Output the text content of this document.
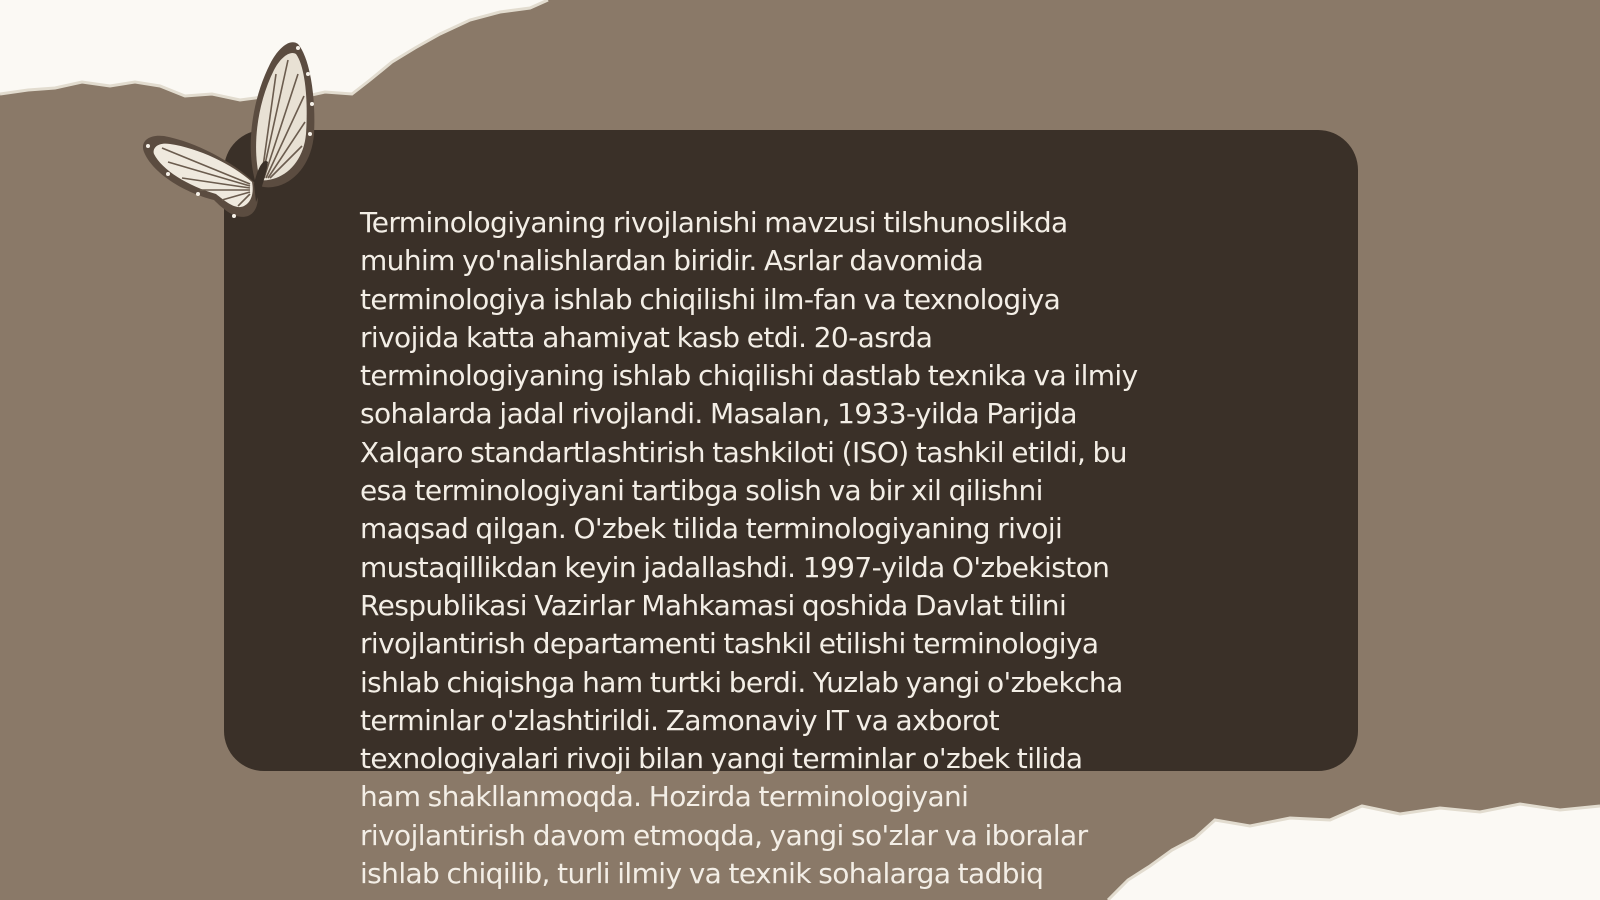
Terminologiyaning rivojlanishi mavzusi tilshunoslikda
muhim yo'nalishlardan biridir. Asrlar davomida
terminologiya ishlab chiqilishi ilm-fan va texnologiya
rivojida katta ahamiyat kasb etdi. 20-asrda
terminologiyaning ishlab chiqilishi dastlab texnika va ilmiy
sohalarda jadal rivojlandi. Masalan, 1933-yilda Parijda
Xalqaro standartlashtirish tashkiloti (ISO) tashkil etildi, bu
esa terminologiyani tartibga solish va bir xil qilishni
maqsad qilgan. O'zbek tilida terminologiyaning rivoji
mustaqillikdan keyin jadallashdi. 1997-yilda O'zbekiston
Respublikasi Vazirlar Mahkamasi qoshida Davlat tilini
rivojlantirish departamenti tashkil etilishi terminologiya
ishlab chiqishga ham turtki berdi. Yuzlab yangi o'zbekcha
terminlar o'zlashtirildi. Zamonaviy IT va axborot
texnologiyalari rivoji bilan yangi terminlar o'zbek tilida
ham shakllanmoqda. Hozirda terminologiyani
rivojlantirish davom etmoqda, yangi so'zlar va iboralar
ishlab chiqilib, turli ilmiy va texnik sohalarga tadbiq
